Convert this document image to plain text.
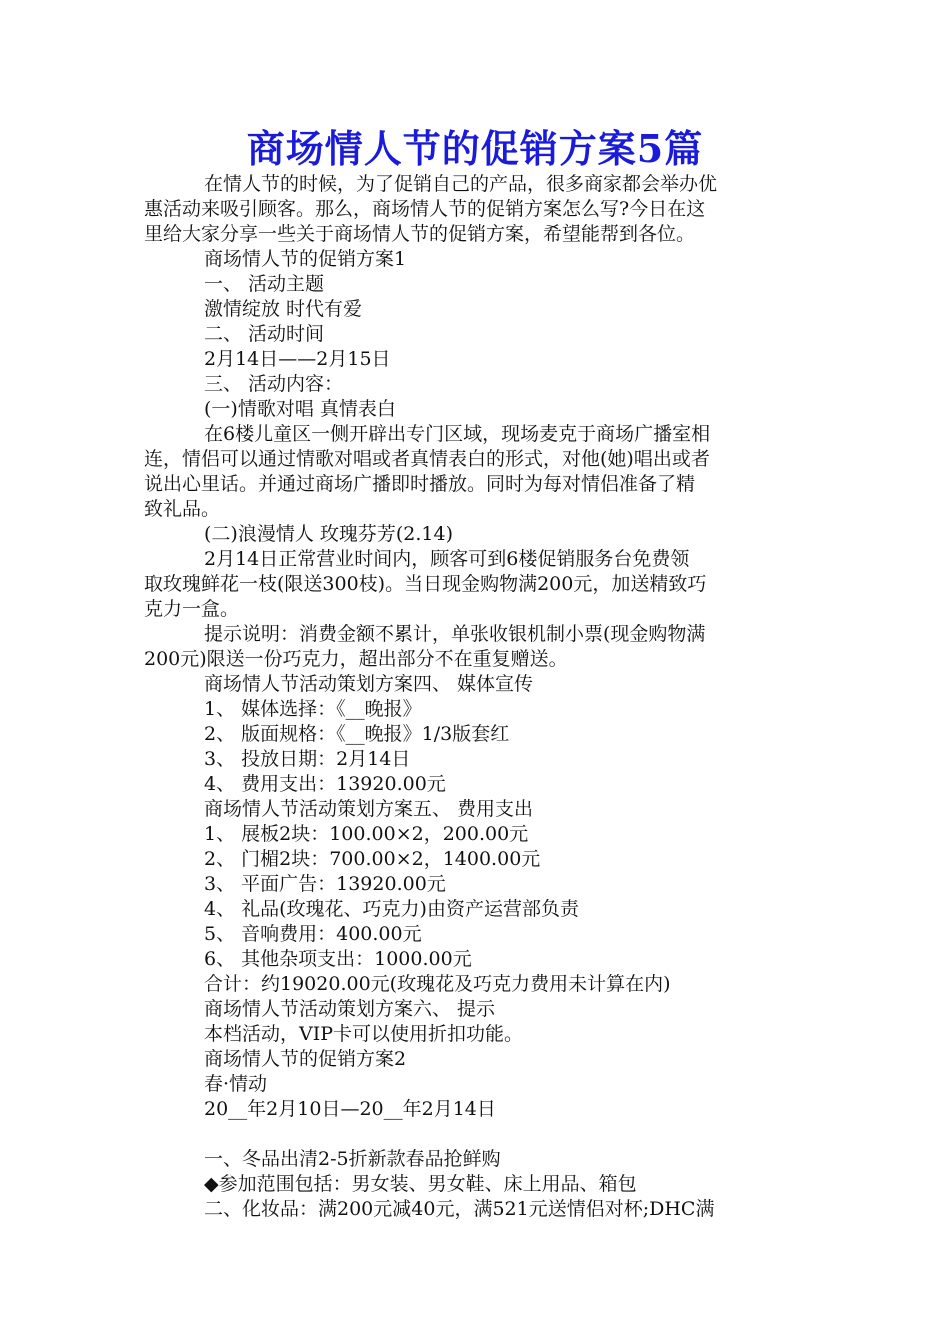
商场情人节的促销方案5篇
在情人节的时候，为了促销自己的产品，很多商家都会举办优
惠活动来吸引顾客。那么，商场情人节的促销方案怎么写?今日在这
里给大家分享一些关于商场情人节的促销方案，希望能帮到各位。
商场情人节的促销方案1
一、 活动主题
激情绽放 时代有爱
二、 活动时间
2月14日——2月15日
三、 活动内容：
(一)情歌对唱 真情表白
在6楼儿童区一侧开辟出专门区域，现场麦克于商场广播室相
连，情侣可以通过情歌对唱或者真情表白的形式，对他(她)唱出或者
说出心里话。并通过商场广播即时播放。同时为每对情侣准备了精
致礼品。
(二)浪漫情人 玫瑰芬芳(2.14)
2月14日正常营业时间内，顾客可到6楼促销服务台免费领
取玫瑰鲜花一枝(限送300枝)。当日现金购物满200元，加送精致巧
克力一盒。
提示说明：消费金额不累计，单张收银机制小票(现金购物满
200元)限送一份巧克力，超出部分不在重复赠送。
商场情人节活动策划方案四、 媒体宣传
1、 媒体选择：《__晚报》
2、 版面规格：《__晚报》1/3版套红
3、 投放日期：2月14日
4、 费用支出：13920.00元
商场情人节活动策划方案五、 费用支出
1、 展板2块：100.00×2，200.00元
2、 门楣2块：700.00×2，1400.00元
3、 平面广告：13920.00元
4、 礼品(玫瑰花、巧克力)由资产运营部负责
5、 音响费用：400.00元
6、 其他杂项支出：1000.00元
合计：约19020.00元(玫瑰花及巧克力费用未计算在内)
商场情人节活动策划方案六、 提示
本档活动，VIP卡可以使用折扣功能。
商场情人节的促销方案2
春·情动
20__年2月10日—20__年2月14日
一、冬品出清2-5折新款春品抢鲜购
◆参加范围包括：男女装、男女鞋、床上用品、箱包
二、化妆品：满200元减40元，满521元送情侣对杯;DHC满
